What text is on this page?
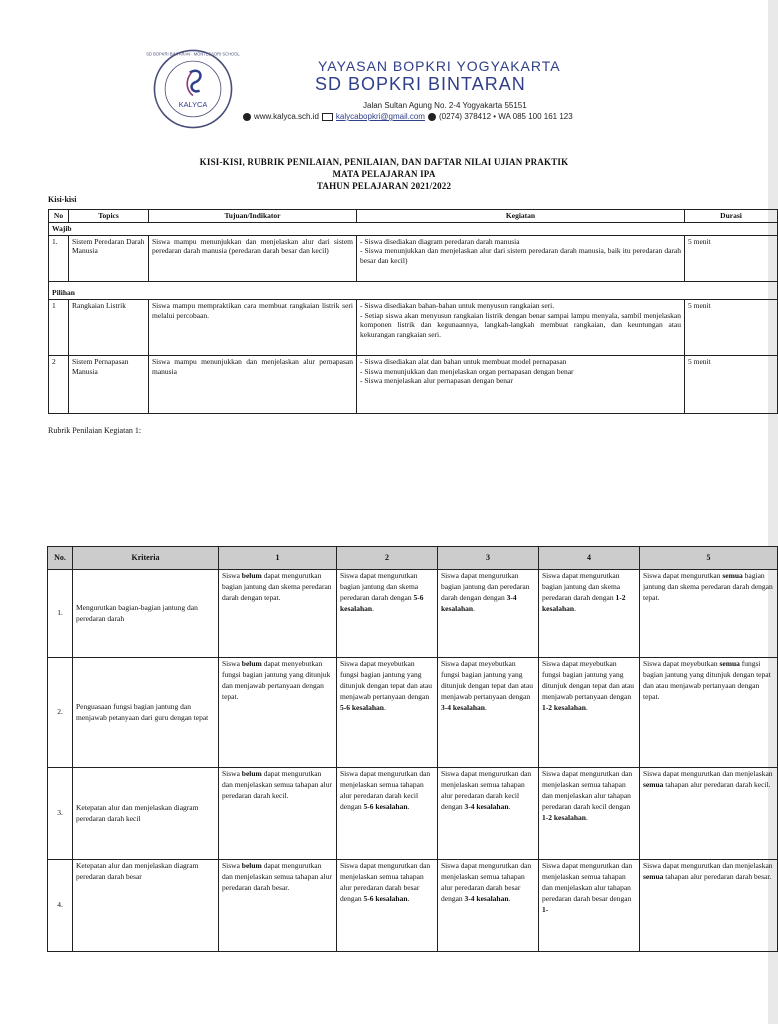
KALYCA
SD BOPKRI BINTARAN · MONTESSORI SCHOOL
YAYASAN BOPKRI YOGYAKARTA
SD BOPKRI BINTARAN
Jalan Sultan Agung No. 2-4 Yogyakarta 55151
www.kalyca.sch.id kalycabopkri@gmail.com (0274) 378412 • WA 085 100 161 123
KISI-KISI, RUBRIK PENILAIAN, PENILAIAN, DAN DAFTAR NILAI UJIAN PRAKTIK
MATA PELAJARAN IPA
TAHUN PELAJARAN 2021/2022
Kisi-kisi
No	Topics	Tujuan/Indikator	Kegiatan	Durasi
Wajib				
1.	Sistem Peredaran Darah Manusia	Siswa mampu menunjukkan dan menjelaskan alur dari sistem peredaran darah manusia (peredaran darah besar dan kecil)	- Siswa disediakan diagram peredaran darah manusia
- Siswa menunjukkan dan menjelaskan alur dari sistem peredaran darah manusia, baik itu peredaran darah besar dan kecil)	5 menit

Pilihan				
1	Rangkaian Listrik	Siswa mampu mempraktikan cara membuat rangkaian listrik seri melalui percobaan.	- Siswa disediakan bahan-bahan untuk menyusun rangkaian seri.
- Setiap siswa akan menyusun rangkaian listrik dengan benar sampai lampu menyala, sambil menjelaskan komponen listrik dan kegunaannya, langkah-langkah membuat rangkaian, dan keuntungan atau kekurangan rangkaian seri.	5 menit
2	Sistem Pernapasan Manusia	Siswa mampu menunjukkan dan menjelaskan alur pernapasan manusia	- Siswa disediakan alat dan bahan untuk membuat model pernapasan
- Siswa menunjukkan dan menjelaskan organ pernapasan dengan benar
- Siswa menjelaskan alur pernapasan dengan benar	5 menit
Rubrik Penilaian Kegiatan 1:
No.	Kriteria	1	2	3	4	5
1.	Mengurutkan bagian-bagian jantung dan peredaran darah	Siswa belum dapat mengurutkan bagian jantung dan skema peredaran darah dengan tepat.	Siswa dapat mengurutkan bagian jantung dan skema peredaran darah dengan 5-6 kesalahan.	Siswa dapat mengurutkan bagian jantung dan peredaran darah dengan dengan 3-4 kesalahan.	Siswa dapat mengurutkan bagian jantung dan skema peredaran darah dengan 1-2 kesalahan.	Siswa dapat mengurutkan semua bagian jantung dan skema peredaran darah dengan tepat.
2.	Penguasaan fungsi bagian jantung dan menjawab petanyaan dari guru dengan tepat	Siswa belum dapat menyebutkan fungsi bagian jantung yang ditunjuk dan menjawab pertanyaan dengan tepat.	Siswa dapat meyebutkan fungsi bagian jantung yang ditunjuk dengan tepat dan atau menjawab pertanyaan dengan 5-6 kesalahan.	Siswa dapat meyebutkan fungsi bagian jantung yang ditunjuk dengan tepat dan atau menjawab pertanyaan dengan 3-4 kesalahan.	Siswa dapat meyebutkan fungsi bagian jantung yang ditunjuk dengan tepat dan atau menjawab pertanyaan dengan 1-2 kesalahan.	Siswa dapat meyebutkan semua fungsi bagian jantung yang ditunjuk dengan tepat dan atau menjawab pertanyaan dengan tepat.
3.	Ketepatan alur dan menjelaskan diagram peredaran darah kecil	Siswa belum dapat mengurutkan dan menjelaskan semua tahapan alur peredaran darah kecil.	Siswa dapat mengurutkan dan menjelaskan semua tahapan alur peredaran darah kecil dengan 5-6 kesalahan.	Siswa dapat mengurutkan dan menjelaskan semua tahapan alur peredaran darah kecil dengan 3-4 kesalahan.	Siswa dapat mengurutkan dan menjelaskan semua tahapan dan menjelaskan alur tahapan peredaran darah kecil dengan 1-2 kesalahan.	Siswa dapat mengurutkan dan menjelaskan semua tahapan alur peredaran darah kecil.
4.	Ketepatan alur dan menjelaskan diagram peredaran darah besar	Siswa belum dapat mengurutkan dan menjelaskan semua tahapan alur peredaran darah besar.	Siswa dapat mengurutkan dan menjelaskan semua tahapan alur peredaran darah besar dengan 5-6 kesalahan.	Siswa dapat mengurutkan dan menjelaskan semua tahapan alur peredaran darah besar dengan 3-4 kesalahan.	Siswa dapat mengurutkan dan menjelaskan semua tahapan dan menjelaskan alur tahapan peredaran darah besar dengan 1-	Siswa dapat mengurutkan dan menjelaskan semua tahapan alur peredaran darah besar.
